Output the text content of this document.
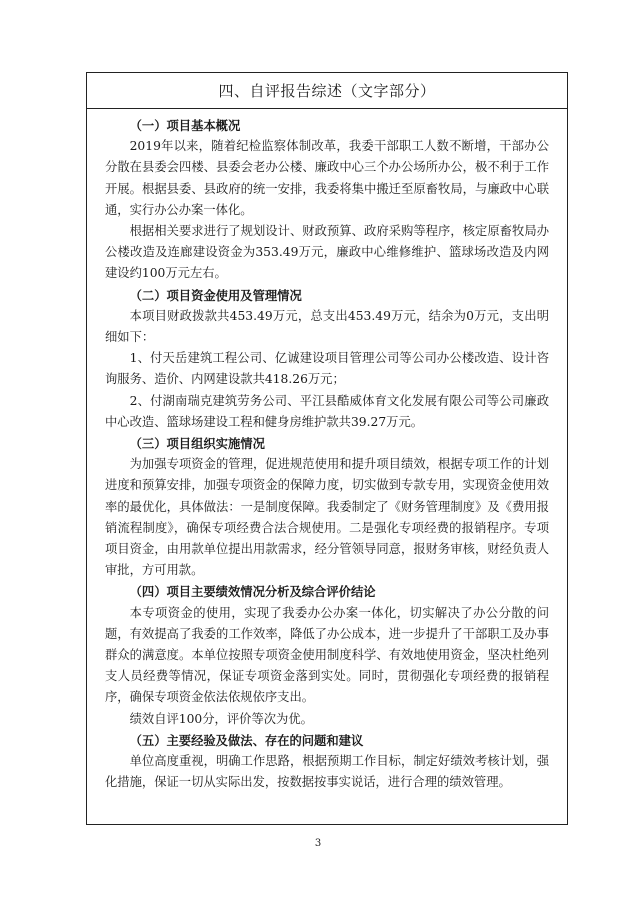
四、自评报告综述（文字部分）
（一）项目基本概况

2019年以来，随着纪检监察体制改革，我委干部职工人数不断增，干部办公分散在县委会四楼、县委会老办公楼、廉政中心三个办公场所办公，极不利于工作开展。根据县委、县政府的统一安排，我委将集中搬迁至原畜牧局，与廉政中心联通，实行办公办案一体化。

根据相关要求进行了规划设计、财政预算、政府采购等程序，核定原畜牧局办公楼改造及连廊建设资金为353.49万元，廉政中心维修维护、篮球场改造及内网建设约100万元左右。

（二）项目资金使用及管理情况

本项目财政拨款共453.49万元，总支出453.49万元，结余为0万元，支出明细如下：

1、付天岳建筑工程公司、亿诚建设项目管理公司等公司办公楼改造、设计咨询服务、造价、内网建设款共418.26万元；

2、付湖南瑞克建筑劳务公司、平江县酷威体育文化发展有限公司等公司廉政中心改造、篮球场建设工程和健身房维护款共39.27万元。

（三）项目组织实施情况

为加强专项资金的管理，促进规范使用和提升项目绩效，根据专项工作的计划进度和预算安排，加强专项资金的保障力度，切实做到专款专用，实现资金使用效率的最优化，具体做法：一是制度保障。我委制定了《财务管理制度》及《费用报销流程制度》，确保专项经费合法合规使用。二是强化专项经费的报销程序。专项项目资金，由用款单位提出用款需求，经分管领导同意，报财务审核，财经负责人审批，方可用款。

（四）项目主要绩效情况分析及综合评价结论

本专项资金的使用，实现了我委办公办案一体化，切实解决了办公分散的问题，有效提高了我委的工作效率，降低了办公成本，进一步提升了干部职工及办事群众的满意度。本单位按照专项资金使用制度科学、有效地使用资金，坚决杜绝列支人员经费等情况，保证专项资金落到实处。同时，贯彻强化专项经费的报销程序，确保专项资金依法依规依序支出。

绩效自评100分，评价等次为优。

（五）主要经验及做法、存在的问题和建议

单位高度重视，明确工作思路，根据预期工作目标，制定好绩效考核计划，强化措施，保证一切从实际出发，按数据按事实说话，进行合理的绩效管理。

3
